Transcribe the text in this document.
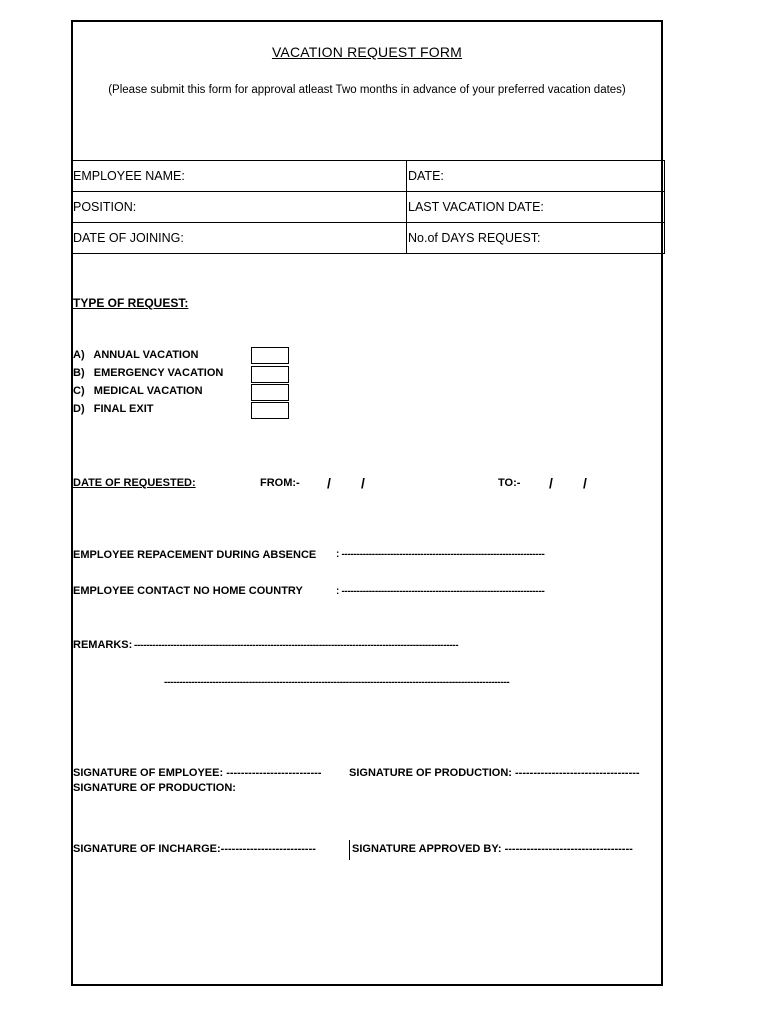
VACATION REQUEST FORM
(Please submit this form for approval atleast Two months in advance of your preferred vacation dates)
EMPLOYEE NAME:	DATE:
POSITION:	LAST VACATION DATE:
DATE OF JOINING:	No.of DAYS REQUEST:
TYPE OF REQUEST:
A) ANNUAL VACATION
B) EMERGENCY VACATION
C) MEDICAL VACATION
D) FINAL EXIT
DATE OF REQUESTED:	FROM:- / /	TO:- / /
EMPLOYEE REPACEMENT DURING ABSENCE : -------------------------------------------------------------------
EMPLOYEE CONTACT NO HOME COUNTRY	: -------------------------------------------------------------------
REMARKS: -----------------------------------------------------------------------------------------------------------
------------------------------------------------------------------------------------------------------------------
SIGNATURE OF EMPLOYEE: --------------------------	SIGNATURE OF PRODUCTION: ----------------------------------
SIGNATURE OF PRODUCTION:
SIGNATURE OF INCHARGE:--------------------------	SIGNATURE APPROVED BY: -----------------------------------
